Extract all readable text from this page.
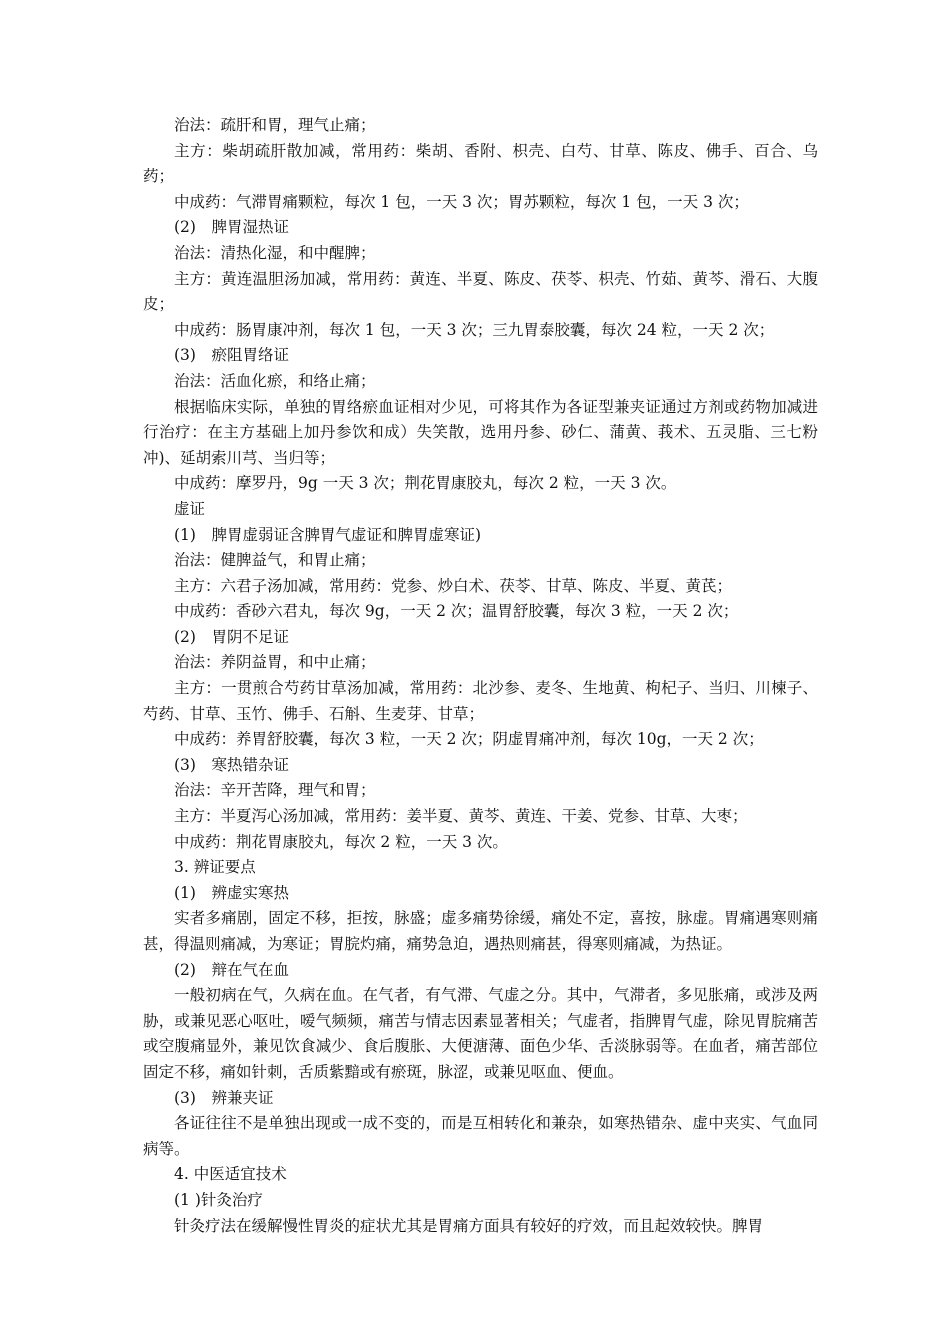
治法：疏肝和胃，理气止痛；

主方：柴胡疏肝散加减，常用药：柴胡、香附、枳壳、白芍、甘草、陈皮、佛手、百合、乌药；

中成药：气滞胃痛颗粒，每次 1 包，一天 3 次；胃苏颗粒，每次 1 包，一天 3 次；

(2)　脾胃湿热证

治法：清热化湿，和中醒脾；

主方：黄连温胆汤加减，常用药：黄连、半夏、陈皮、茯苓、枳壳、竹茹、黄芩、滑石、大腹皮；

中成药：肠胃康冲剂，每次 1 包，一天 3 次；三九胃泰胶囊，每次 24 粒，一天 2 次；

(3)　瘀阻胃络证

治法：活血化瘀，和络止痛；

根据临床实际，单独的胃络瘀血证相对少见，可将其作为各证型兼夹证通过方剂或药物加减进行治疗：在主方基础上加丹参饮和成）失笑散，选用丹参、砂仁、蒲黄、莪术、五灵脂、三七粉冲)、延胡索川芎、当归等；

中成药：摩罗丹，9g 一天 3 次；荆花胃康胶丸，每次 2 粒，一天 3 次。

虚证

(1)　脾胃虚弱证含脾胃气虚证和脾胃虚寒证)

治法：健脾益气，和胃止痛；

主方：六君子汤加减，常用药：党参、炒白术、茯苓、甘草、陈皮、半夏、黄芪；

中成药：香砂六君丸，每次 9g，一天 2 次；温胃舒胶囊，每次 3 粒，一天 2 次；

(2)　胃阴不足证

治法：养阴益胃，和中止痛；

主方：一贯煎合芍药甘草汤加减，常用药：北沙参、麦冬、生地黄、枸杞子、当归、川楝子、芍药、甘草、玉竹、佛手、石斛、生麦芽、甘草；

中成药：养胃舒胶囊，每次 3 粒，一天 2 次；阴虚胃痛冲剂，每次 10g，一天 2 次；

(3)　寒热错杂证

治法：辛开苦降，理气和胃；

主方：半夏泻心汤加减，常用药：姜半夏、黄芩、黄连、干姜、党参、甘草、大枣；

中成药：荆花胃康胶丸，每次 2 粒，一天 3 次。

3. 辨证要点

(1)　辨虚实寒热

实者多痛剧，固定不移，拒按，脉盛；虚多痛势徐缓，痛处不定，喜按，脉虚。胃痛遇寒则痛甚，得温则痛减，为寒证；胃脘灼痛，痛势急迫，遇热则痛甚，得寒则痛减，为热证。

(2)　辩在气在血

一般初病在气，久病在血。在气者，有气滞、气虚之分。其中，气滞者，多见胀痛，或涉及两胁，或兼见恶心呕吐，嗳气频频，痛苦与情志因素显著相关；气虚者，指脾胃气虚，除见胃脘痛苦或空腹痛显外，兼见饮食减少、食后腹胀、大便溏薄、面色少华、舌淡脉弱等。在血者，痛苦部位固定不移，痛如针刺，舌质紫黯或有瘀斑，脉涩，或兼见呕血、便血。

(3)　辨兼夹证

各证往往不是单独出现或一成不变的，而是互相转化和兼杂，如寒热错杂、虚中夹实、气血同病等。

4. 中医适宜技术

(1 )针灸治疗

针灸疗法在缓解慢性胃炎的症状尤其是胃痛方面具有较好的疗效，而且起效较快。脾胃
